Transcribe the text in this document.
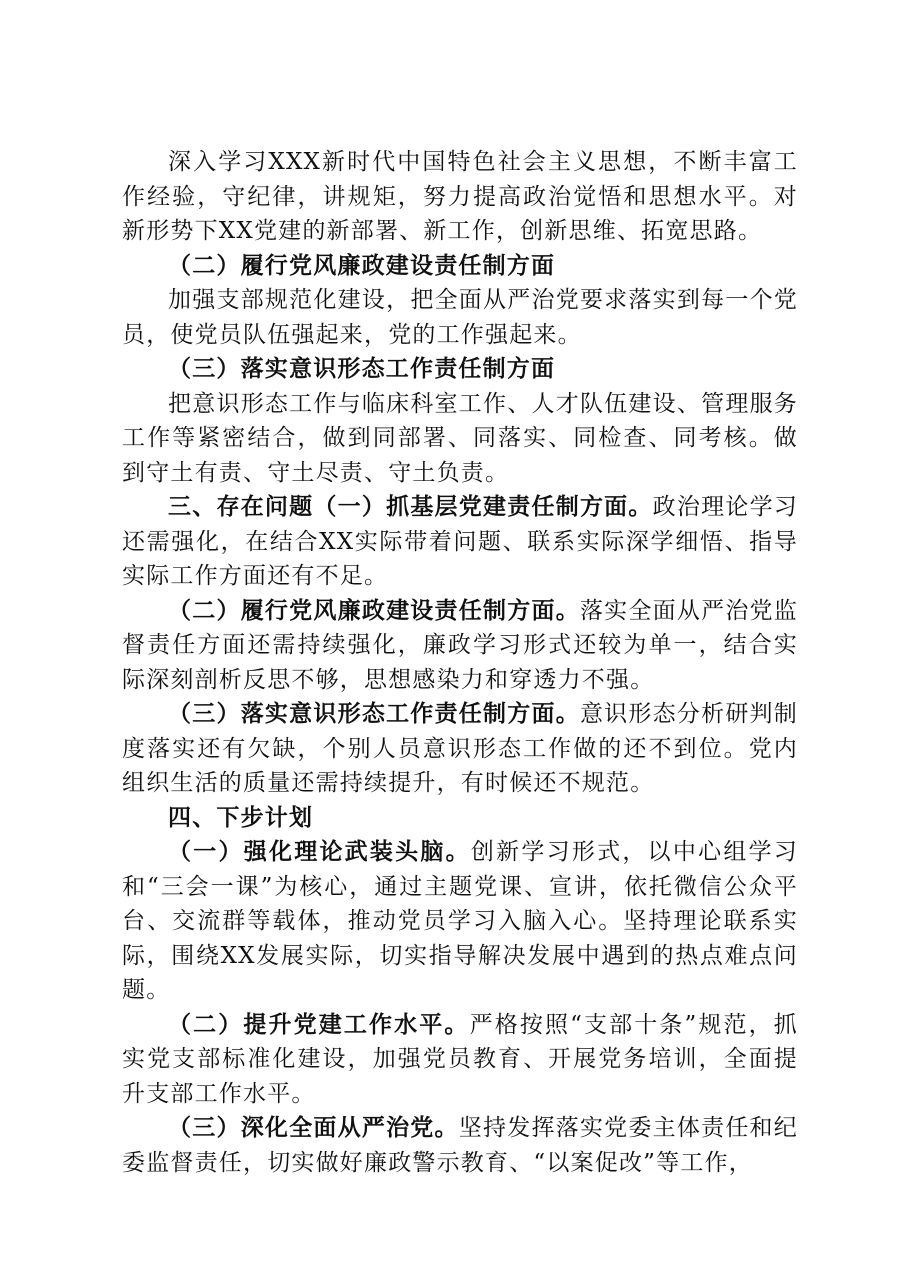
深入学习XXX新时代中国特色社会主义思想，不断丰富工作经验，守纪律，讲规矩，努力提高政治觉悟和思想水平。对新形势下XX党建的新部署、新工作，创新思维、拓宽思路。

（二）履行党风廉政建设责任制方面

加强支部规范化建设，把全面从严治党要求落实到每一个党员，使党员队伍强起来，党的工作强起来。

（三）落实意识形态工作责任制方面

把意识形态工作与临床科室工作、人才队伍建设、管理服务工作等紧密结合，做到同部署、同落实、同检查、同考核。做到守土有责、守土尽责、守土负责。

三、存在问题（一）抓基层党建责任制方面。政治理论学习还需强化，在结合XX实际带着问题、联系实际深学细悟、指导实际工作方面还有不足。

（二）履行党风廉政建设责任制方面。落实全面从严治党监督责任方面还需持续强化，廉政学习形式还较为单一，结合实际深刻剖析反思不够，思想感染力和穿透力不强。

（三）落实意识形态工作责任制方面。意识形态分析研判制度落实还有欠缺，个别人员意识形态工作做的还不到位。党内组织生活的质量还需持续提升，有时候还不规范。

四、下步计划

（一）强化理论武装头脑。创新学习形式，以中心组学习和“三会一课”为核心，通过主题党课、宣讲，依托微信公众平台、交流群等载体，推动党员学习入脑入心。坚持理论联系实际，围绕XX发展实际，切实指导解决发展中遇到的热点难点问题。

（二）提升党建工作水平。严格按照“支部十条”规范，抓实党支部标准化建设，加强党员教育、开展党务培训，全面提升支部工作水平。

（三）深化全面从严治党。坚持发挥落实党委主体责任和纪委监督责任，切实做好廉政警示教育、“以案促改”等工作，
